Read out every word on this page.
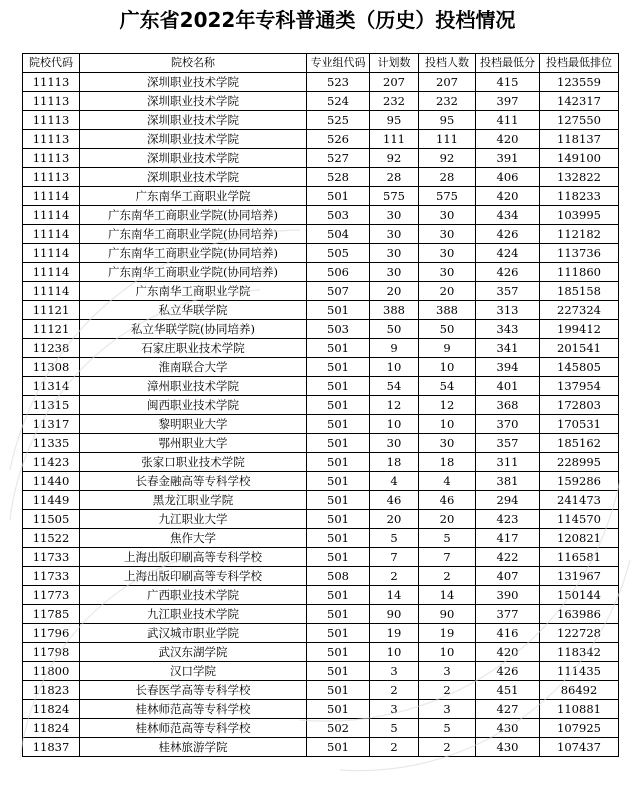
广东省2022年专科普通类（历史）投档情况
院校代码	院校名称	专业组代码	计划数	投档人数	投档最低分	投档最低排位
11113	深圳职业技术学院	523	207	207	415	123559
11113	深圳职业技术学院	524	232	232	397	142317
11113	深圳职业技术学院	525	95	95	411	127550
11113	深圳职业技术学院	526	111	111	420	118137
11113	深圳职业技术学院	527	92	92	391	149100
11113	深圳职业技术学院	528	28	28	406	132822
11114	广东南华工商职业学院	501	575	575	420	118233
11114	广东南华工商职业学院(协同培养)	503	30	30	434	103995
11114	广东南华工商职业学院(协同培养)	504	30	30	426	112182
11114	广东南华工商职业学院(协同培养)	505	30	30	424	113736
11114	广东南华工商职业学院(协同培养)	506	30	30	426	111860
11114	广东南华工商职业学院	507	20	20	357	185158
11121	私立华联学院	501	388	388	313	227324
11121	私立华联学院(协同培养)	503	50	50	343	199412
11238	石家庄职业技术学院	501	9	9	341	201541
11308	淮南联合大学	501	10	10	394	145805
11314	漳州职业技术学院	501	54	54	401	137954
11315	闽西职业技术学院	501	12	12	368	172803
11317	黎明职业大学	501	10	10	370	170531
11335	鄂州职业大学	501	30	30	357	185162
11423	张家口职业技术学院	501	18	18	311	228995
11440	长春金融高等专科学校	501	4	4	381	159286
11449	黑龙江职业学院	501	46	46	294	241473
11505	九江职业大学	501	20	20	423	114570
11522	焦作大学	501	5	5	417	120821
11733	上海出版印刷高等专科学校	501	7	7	422	116581
11733	上海出版印刷高等专科学校	508	2	2	407	131967
11773	广西职业技术学院	501	14	14	390	150144
11785	九江职业技术学院	501	90	90	377	163986
11796	武汉城市职业学院	501	19	19	416	122728
11798	武汉东湖学院	501	10	10	420	118342
11800	汉口学院	501	3	3	426	111435
11823	长春医学高等专科学校	501	2	2	451	86492
11824	桂林师范高等专科学校	501	3	3	427	110881
11824	桂林师范高等专科学校	502	5	5	430	107925
11837	桂林旅游学院	501	2	2	430	107437
